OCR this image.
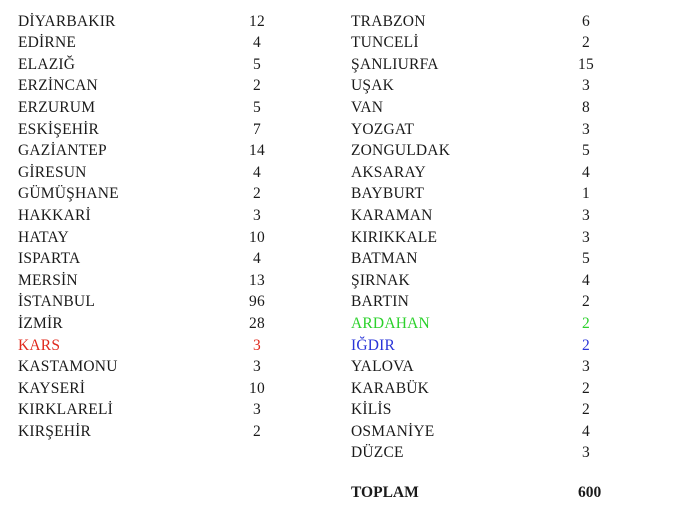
DİYARBAKIR	12
EDİRNE	4
ELAZIĞ	5
ERZİNCAN	2
ERZURUM	5
ESKİŞEHİR	7
GAZİANTEP	14
GİRESUN	4
GÜMÜŞHANE	2
HAKKARİ	3
HATAY	10
ISPARTA	4
MERSİN	13
İSTANBUL	96
İZMİR	28
KARS	3
KASTAMONU	3
KAYSERİ	10
KIRKLARELİ	3
KIRŞEHİR	2
TRABZON	6
TUNCELİ	2
ŞANLIURFA	15
UŞAK	3
VAN	8
YOZGAT	3
ZONGULDAK	5
AKSARAY	4
BAYBURT	1
KARAMAN	3
KIRIKKALE	3
BATMAN	5
ŞIRNAK	4
BARTIN	2
ARDAHAN	2
IĞDIR	2
YALOVA	3
KARABÜK	2
KİLİS	2
OSMANİYE	4
DÜZCE	3
TOPLAM	600
